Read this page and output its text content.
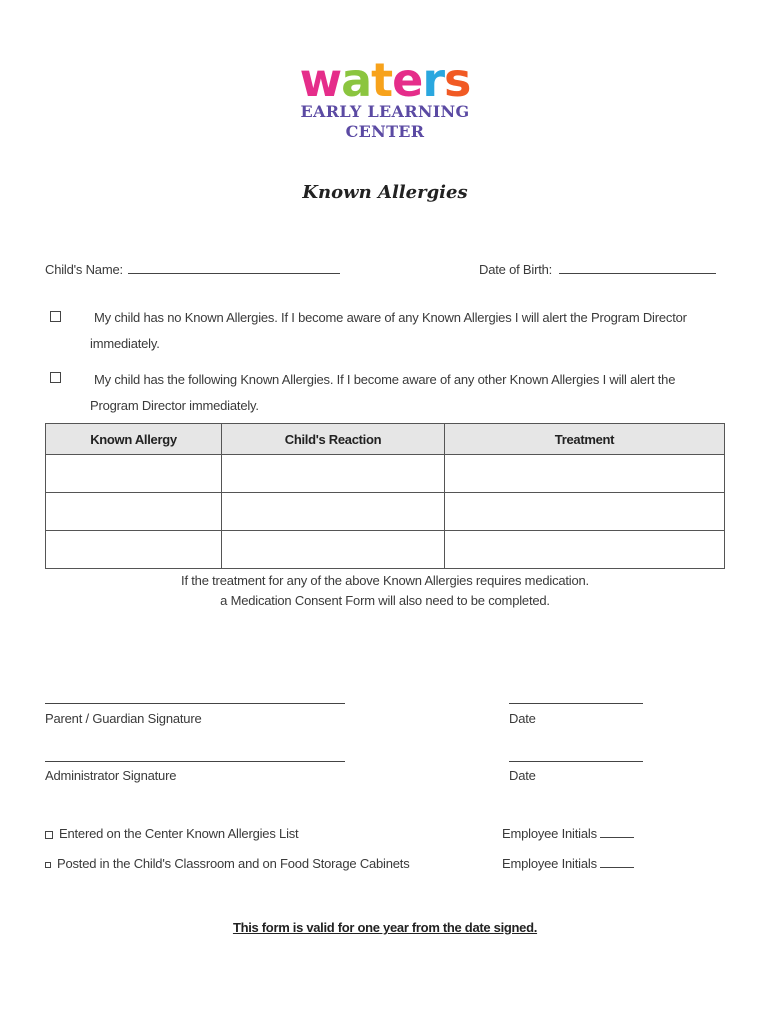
waters
EARLY LEARNING
CENTER
Known Allergies
Child's Name:	Date of Birth:
My child has no Known Allergies. If I become aware of any Known Allergies I will alert the Program Director
immediately.
My child has the following Known Allergies. If I become aware of any other Known Allergies I will alert the
Program Director immediately.
Known Allergy	Child's Reaction	Treatment

If the treatment for any of the above Known Allergies requires medication.
a Medication Consent Form will also need to be completed.
Parent / Guardian Signature	Date
Administrator Signature	Date
Entered on the Center Known Allergies List	Employee Initials
Posted in the Child's Classroom and on Food Storage Cabinets	Employee Initials
This form is valid for one year from the date signed.
